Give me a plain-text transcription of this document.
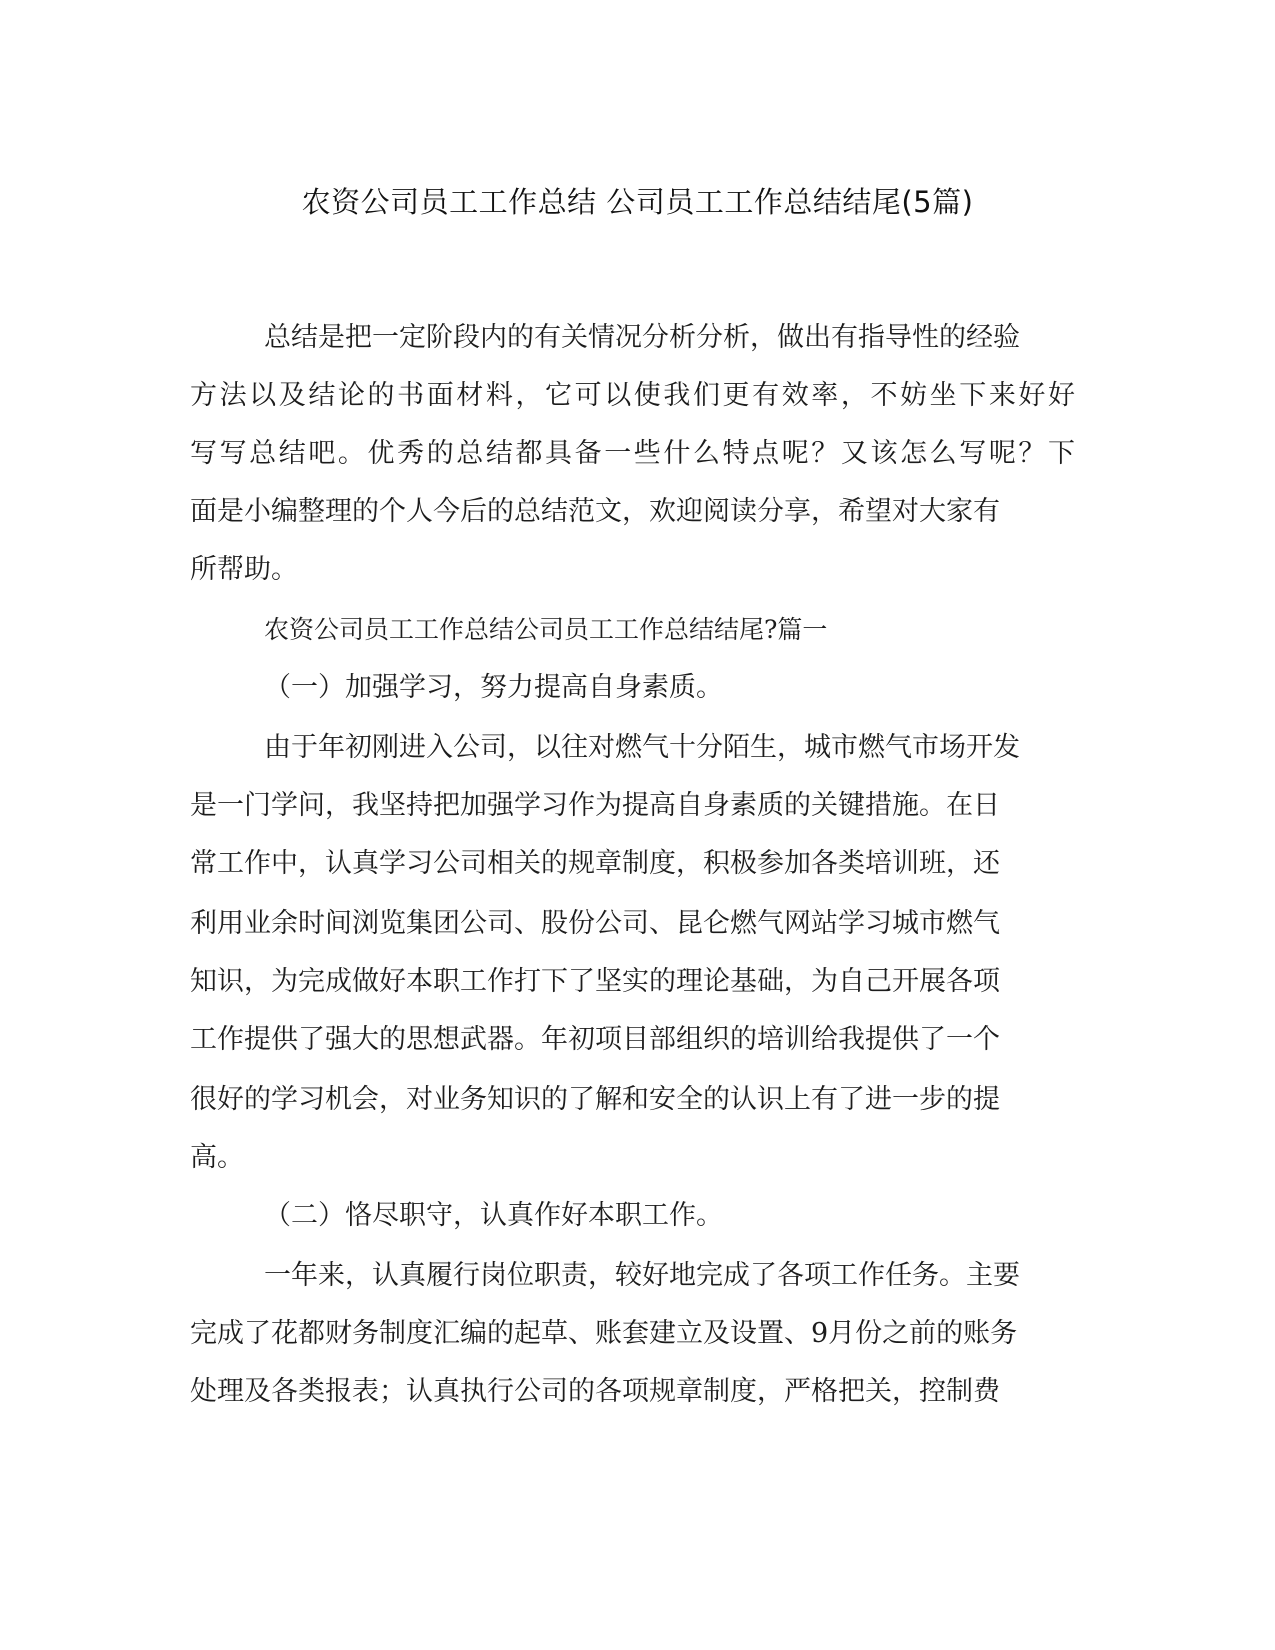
农资公司员工工作总结 公司员工工作总结结尾(5篇)
总结是把一定阶段内的有关情况分析分析，做出有指导性的经验
方法以及结论的书面材料，它可以使我们更有效率，不妨坐下来好好
写写总结吧。优秀的总结都具备一些什么特点呢？又该怎么写呢？下
面是小编整理的个人今后的总结范文，欢迎阅读分享，希望对大家有
所帮助。
农资公司员工工作总结公司员工工作总结结尾?篇一
（一）加强学习，努力提高自身素质。
由于年初刚进入公司，以往对燃气十分陌生，城市燃气市场开发
是一门学问，我坚持把加强学习作为提高自身素质的关键措施。在日
常工作中，认真学习公司相关的规章制度，积极参加各类培训班，还
利用业余时间浏览集团公司、股份公司、昆仑燃气网站学习城市燃气
知识，为完成做好本职工作打下了坚实的理论基础，为自己开展各项
工作提供了强大的思想武器。年初项目部组织的培训给我提供了一个
很好的学习机会，对业务知识的了解和安全的认识上有了进一步的提
高。
（二）恪尽职守，认真作好本职工作。
一年来，认真履行岗位职责，较好地完成了各项工作任务。主要
完成了花都财务制度汇编的起草、账套建立及设置、9月份之前的账务
处理及各类报表；认真执行公司的各项规章制度，严格把关，控制费
